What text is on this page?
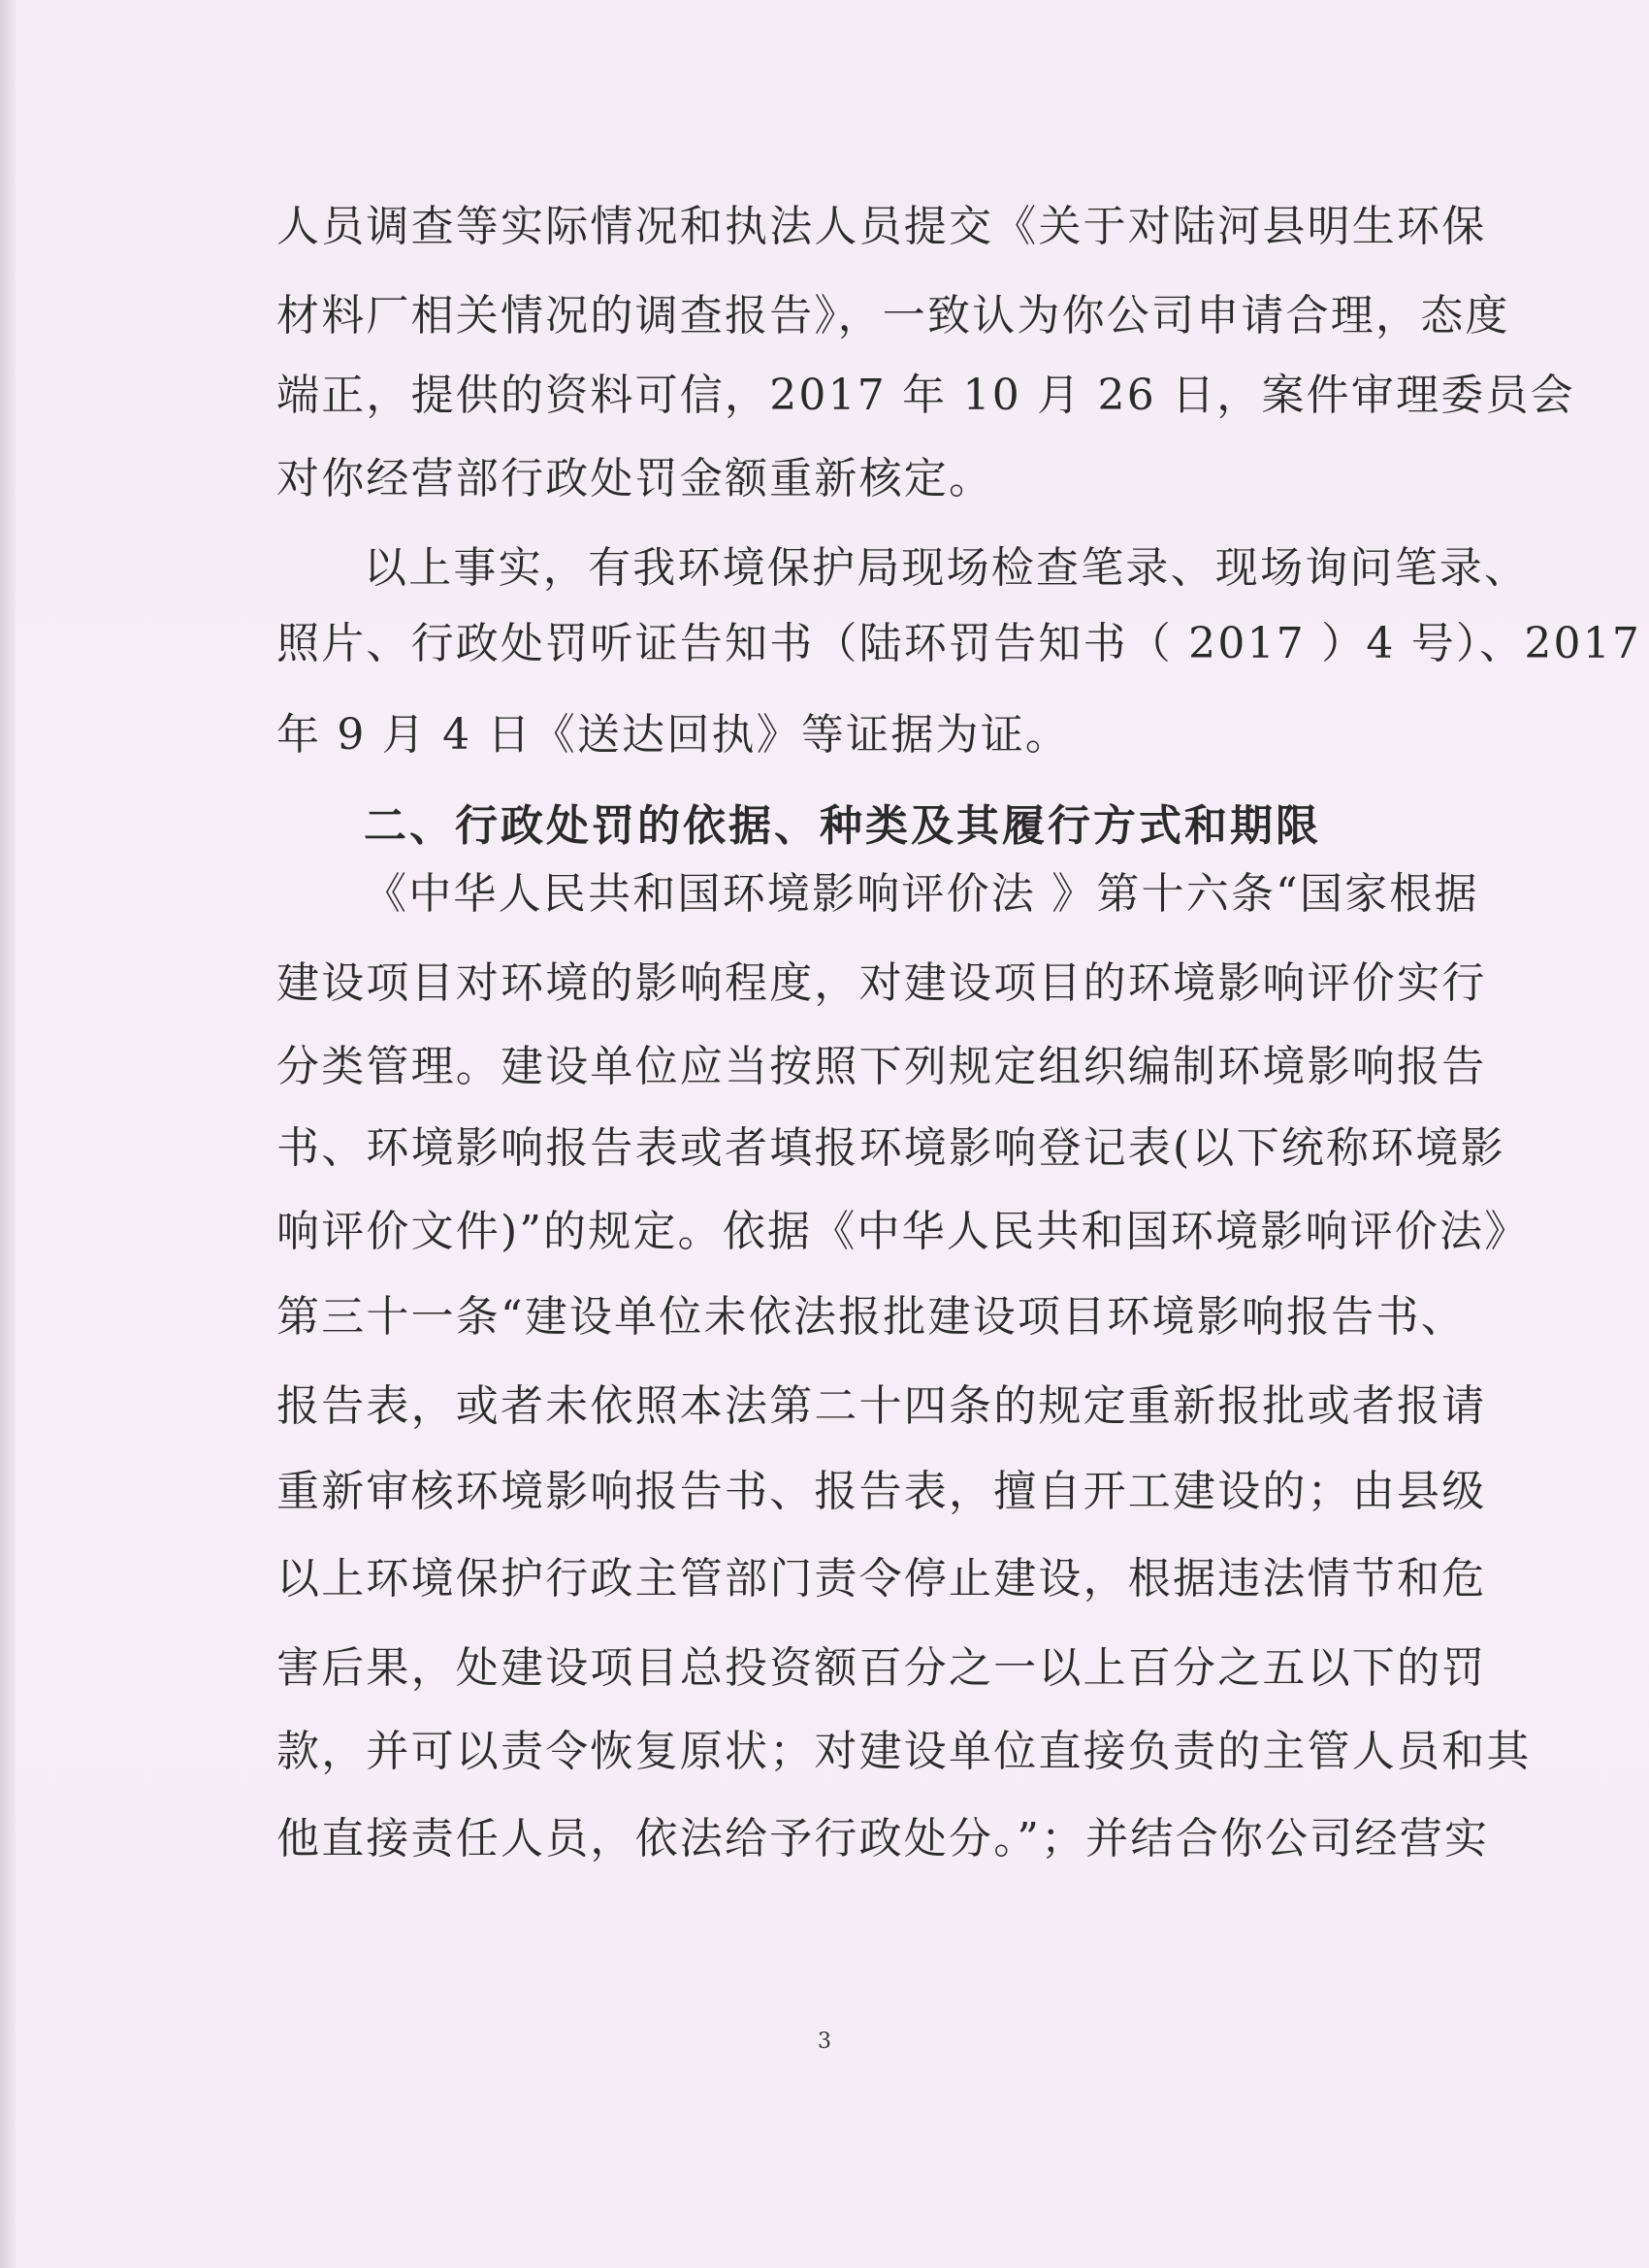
人员调查等实际情况和执法人员提交《关于对陆河县明生环保
材料厂相关情况的调查报告》，一致认为你公司申请合理，态度
端正，提供的资料可信，2017 年 10 月 26 日，案件审理委员会
对你经营部行政处罚金额重新核定。
以上事实，有我环境保护局现场检查笔录、现场询问笔录、
照片、行政处罚听证告知书（陆环罚告知书（ 2017 ）4 号）、2017
年 9 月 4 日《送达回执》等证据为证。
二、行政处罚的依据、种类及其履行方式和期限
《中华人民共和国环境影响评价法 》第十六条“国家根据
建设项目对环境的影响程度，对建设项目的环境影响评价实行
分类管理。建设单位应当按照下列规定组织编制环境影响报告
书、环境影响报告表或者填报环境影响登记表(以下统称环境影
响评价文件)”的规定。依据《中华人民共和国环境影响评价法》
第三十一条“建设单位未依法报批建设项目环境影响报告书、
报告表，或者未依照本法第二十四条的规定重新报批或者报请
重新审核环境影响报告书、报告表，擅自开工建设的；由县级
以上环境保护行政主管部门责令停止建设，根据违法情节和危
害后果，处建设项目总投资额百分之一以上百分之五以下的罚
款，并可以责令恢复原状；对建设单位直接负责的主管人员和其
他直接责任人员，依法给予行政处分。”；并结合你公司经营实
3
